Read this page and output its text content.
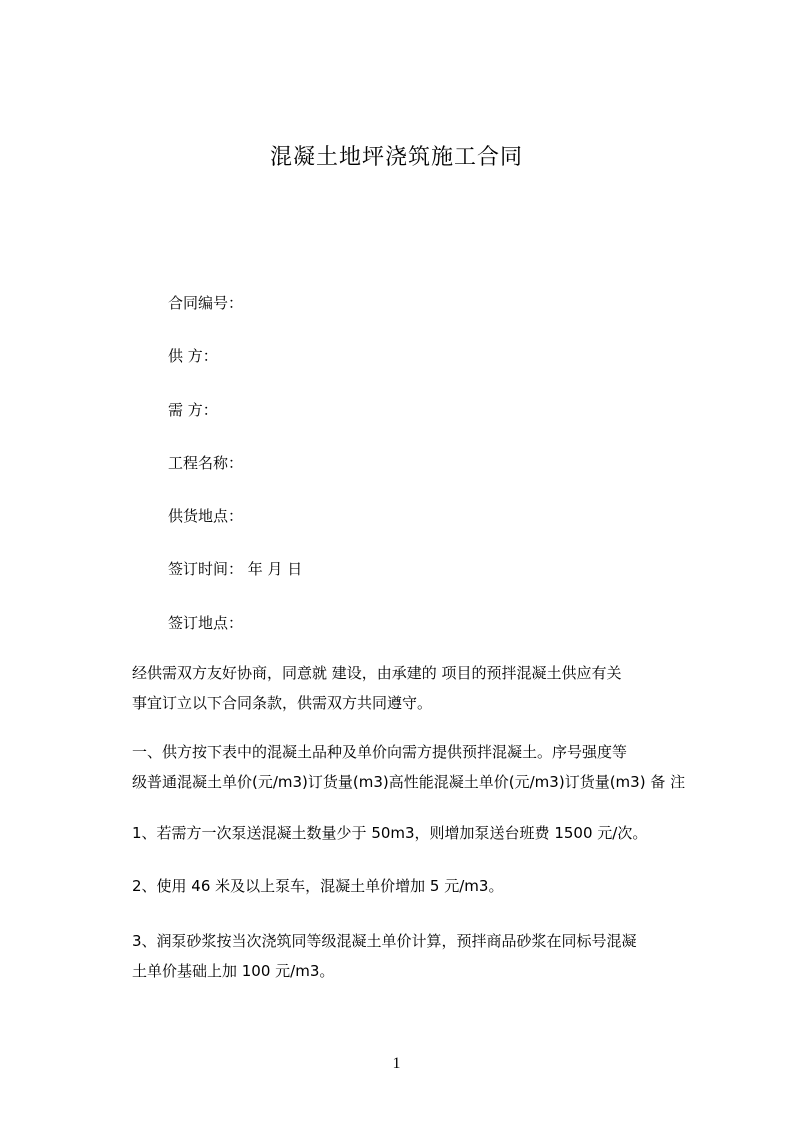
混凝土地坪浇筑施工合同
合同编号：
供 方：
需 方：
工程名称：
供货地点：
签订时间： 年 月 日
签订地点：
经供需双方友好协商，同意就 建设，由承建的 项目的预拌混凝土供应有关
事宜订立以下合同条款，供需双方共同遵守。
一、供方按下表中的混凝土品种及单价向需方提供预拌混凝土。序号强度等
级普通混凝土单价(元/m3)订货量(m3)高性能混凝土单价(元/m3)订货量(m3) 备 注
1、若需方一次泵送混凝土数量少于 50m3，则增加泵送台班费 1500 元/次。
2、使用 46 米及以上泵车，混凝土单价增加 5 元/m3。
3、润泵砂浆按当次浇筑同等级混凝土单价计算，预拌商品砂浆在同标号混凝
土单价基础上加 100 元/m3。
1
